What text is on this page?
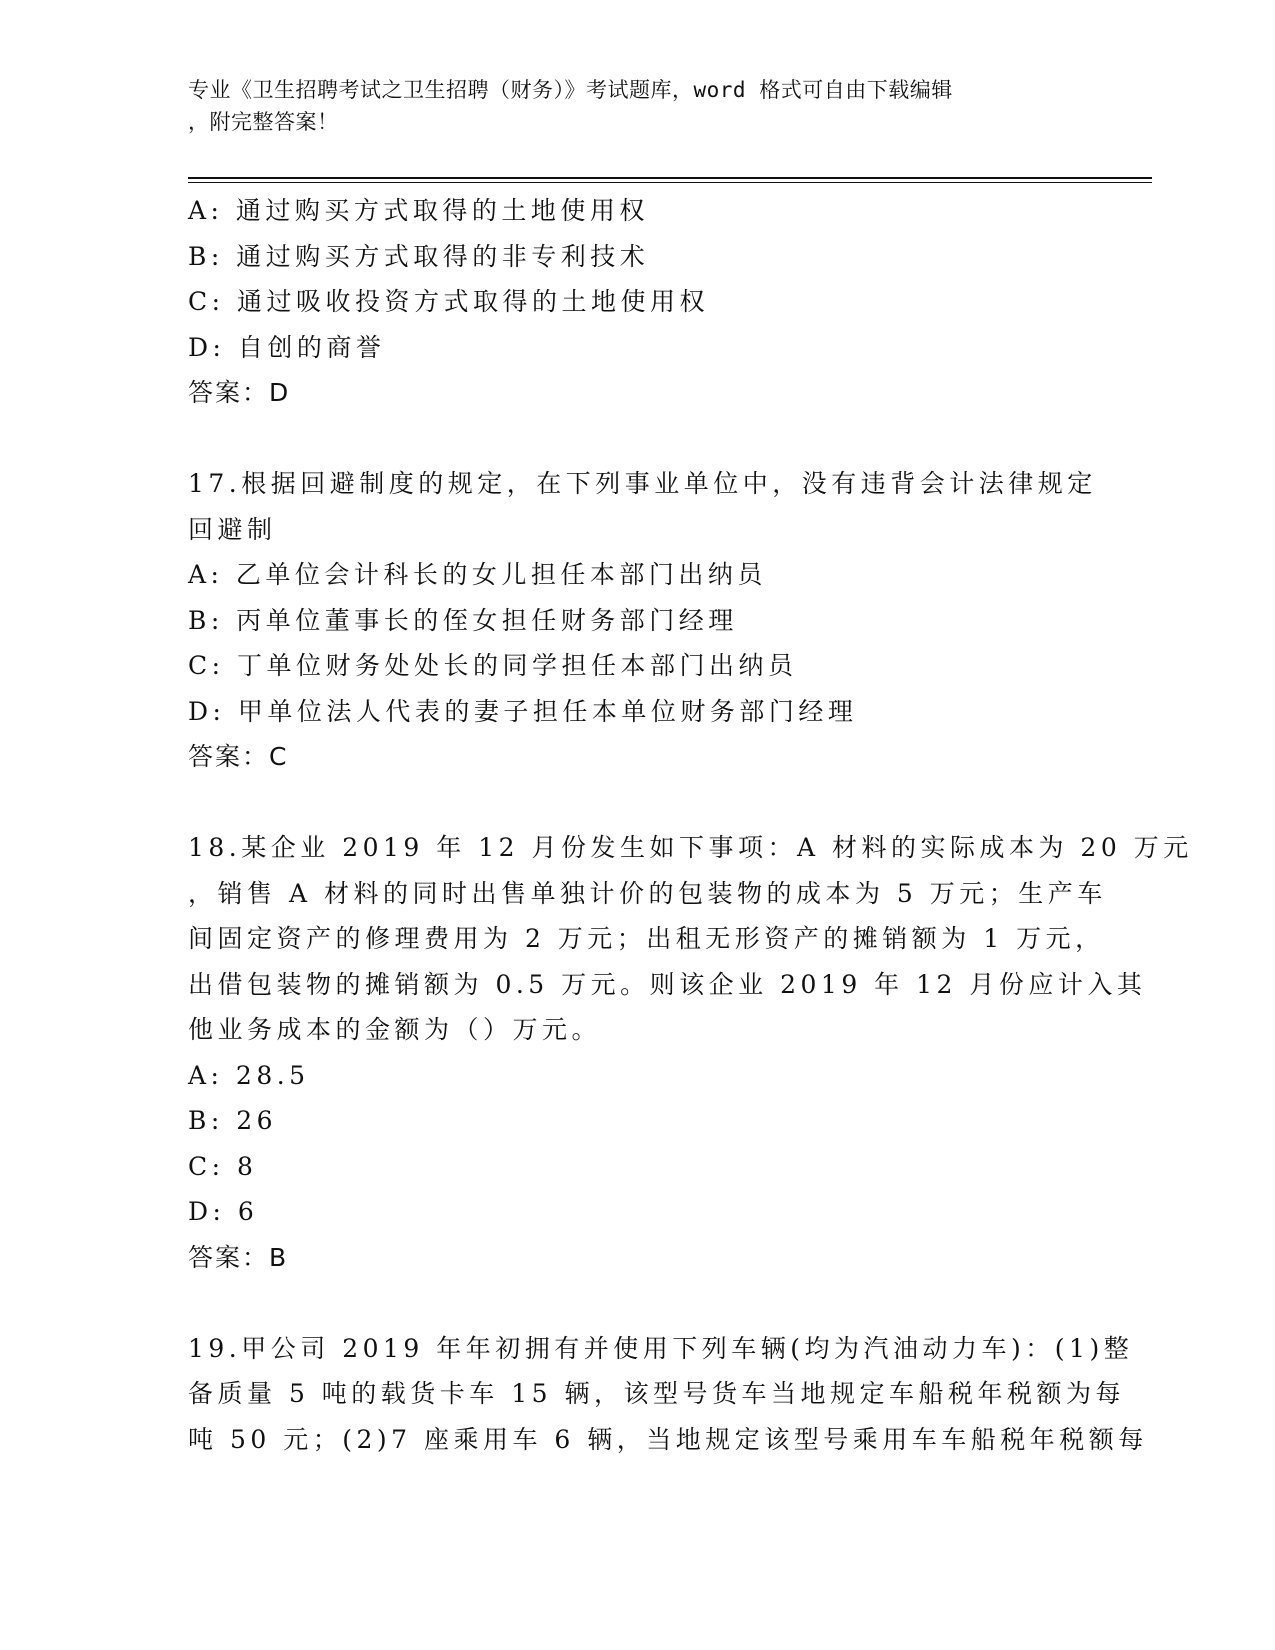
专业《卫生招聘考试之卫生招聘（财务）》考试题库，word 格式可自由下载编辑
，附完整答案！
A: 通过购买方式取得的土地使用权
B: 通过购买方式取得的非专利技术
C: 通过吸收投资方式取得的土地使用权
D: 自创的商誉
答案：D
17.根据回避制度的规定，在下列事业单位中，没有违背会计法律规定
回避制
A: 乙单位会计科长的女儿担任本部门出纳员
B: 丙单位董事长的侄女担任财务部门经理
C: 丁单位财务处处长的同学担任本部门出纳员
D: 甲单位法人代表的妻子担任本单位财务部门经理
答案：C
18.某企业 2019 年 12 月份发生如下事项：A 材料的实际成本为 20 万元
，销售 A 材料的同时出售单独计价的包装物的成本为 5 万元；生产车
间固定资产的修理费用为 2 万元；出租无形资产的摊销额为 1 万元，
出借包装物的摊销额为 0.5 万元。则该企业 2019 年 12 月份应计入其
他业务成本的金额为（）万元。
A: 28.5
B: 26
C: 8
D: 6
答案：B
19.甲公司 2019 年年初拥有并使用下列车辆(均为汽油动力车)：(1)整
备质量 5 吨的载货卡车 15 辆，该型号货车当地规定车船税年税额为每
吨 50 元；(2)7 座乘用车 6 辆，当地规定该型号乘用车车船税年税额每
